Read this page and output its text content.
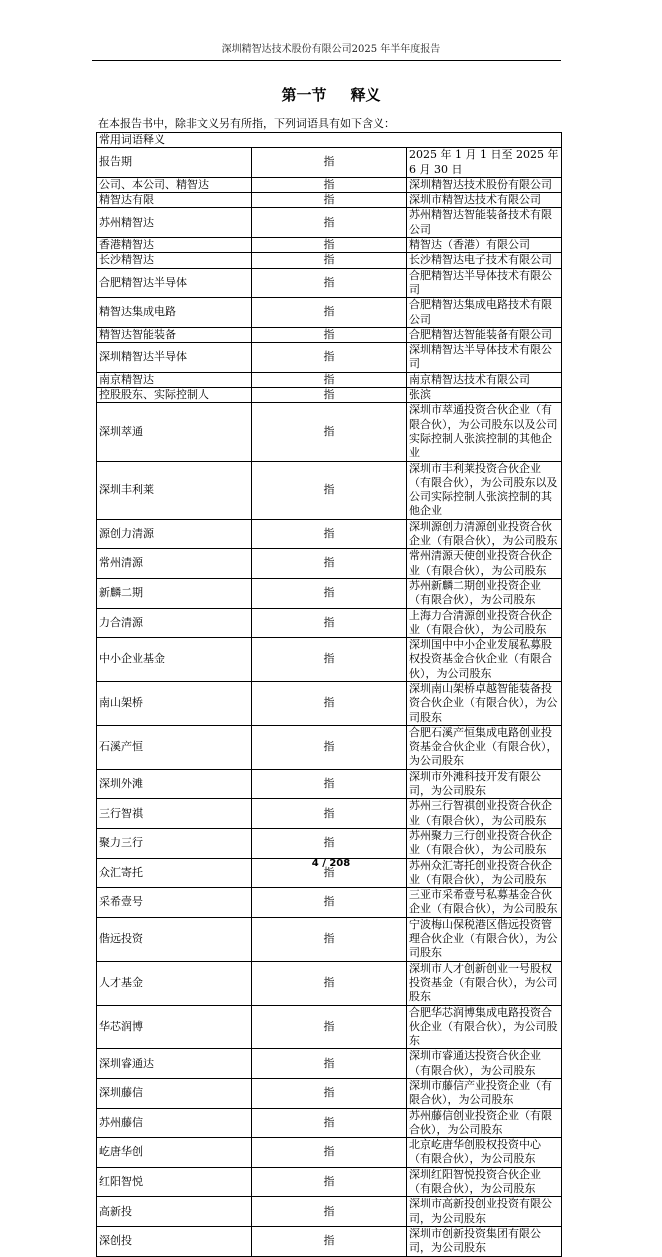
深圳精智达技术股份有限公司2025 年半年度报告
第一节 释义
在本报告书中，除非文义另有所指，下列词语具有如下含义：
常用词语释义		
报告期	指	2025 年 1 月 1 日至 2025 年 6 月 30 日
公司、本公司、精智达	指	深圳精智达技术股份有限公司
精智达有限	指	深圳市精智达技术有限公司
苏州精智达	指	苏州精智达智能装备技术有限公司
香港精智达	指	精智达（香港）有限公司
长沙精智达	指	长沙精智达电子技术有限公司
合肥精智达半导体	指	合肥精智达半导体技术有限公司
精智达集成电路	指	合肥精智达集成电路技术有限公司
精智达智能装备	指	合肥精智达智能装备有限公司
深圳精智达半导体	指	深圳精智达半导体技术有限公司
南京精智达	指	南京精智达技术有限公司
控股股东、实际控制人	指	张滨
深圳萃通	指	深圳市萃通投资合伙企业（有限合伙），为公司股东以及公司实际控制人张滨控制的其他企业
深圳丰利莱	指	深圳市丰利莱投资合伙企业（有限合伙），为公司股东以及公司实际控制人张滨控制的其他企业
源创力清源	指	深圳源创力清源创业投资合伙企业（有限合伙），为公司股东
常州清源	指	常州清源天使创业投资合伙企业（有限合伙），为公司股东
新麟二期	指	苏州新麟二期创业投资企业（有限合伙），为公司股东
力合清源	指	上海力合清源创业投资合伙企业（有限合伙），为公司股东
中小企业基金	指	深圳国中中小企业发展私募股权投资基金合伙企业（有限合伙），为公司股东
南山架桥	指	深圳南山架桥卓越智能装备投资合伙企业（有限合伙），为公司股东
石溪产恒	指	合肥石溪产恒集成电路创业投资基金合伙企业（有限合伙），为公司股东
深圳外滩	指	深圳市外滩科技开发有限公司，为公司股东
三行智祺	指	苏州三行智祺创业投资合伙企业（有限合伙），为公司股东
聚力三行	指	苏州聚力三行创业投资合伙企业（有限合伙），为公司股东
众汇寄托	指	苏州众汇寄托创业投资合伙企业（有限合伙），为公司股东
采希壹号	指	三亚市采希壹号私募基金合伙企业（有限合伙），为公司股东
偕远投资	指	宁波梅山保税港区偕远投资管理合伙企业（有限合伙），为公司股东
人才基金	指	深圳市人才创新创业一号股权投资基金（有限合伙），为公司股东
华芯润博	指	合肥华芯润博集成电路投资合伙企业（有限合伙），为公司股东
深圳睿通达	指	深圳市睿通达投资合伙企业（有限合伙），为公司股东
深圳藤信	指	深圳市藤信产业投资企业（有限合伙），为公司股东
苏州藤信	指	苏州藤信创业投资企业（有限合伙），为公司股东
屹唐华创	指	北京屹唐华创股权投资中心（有限合伙），为公司股东
红阳智悦	指	深圳红阳智悦投资合伙企业（有限合伙），为公司股东
高新投	指	深圳市高新投创业投资有限公司，为公司股东
深创投	指	深圳市创新投资集团有限公司，为公司股东
4 / 208
